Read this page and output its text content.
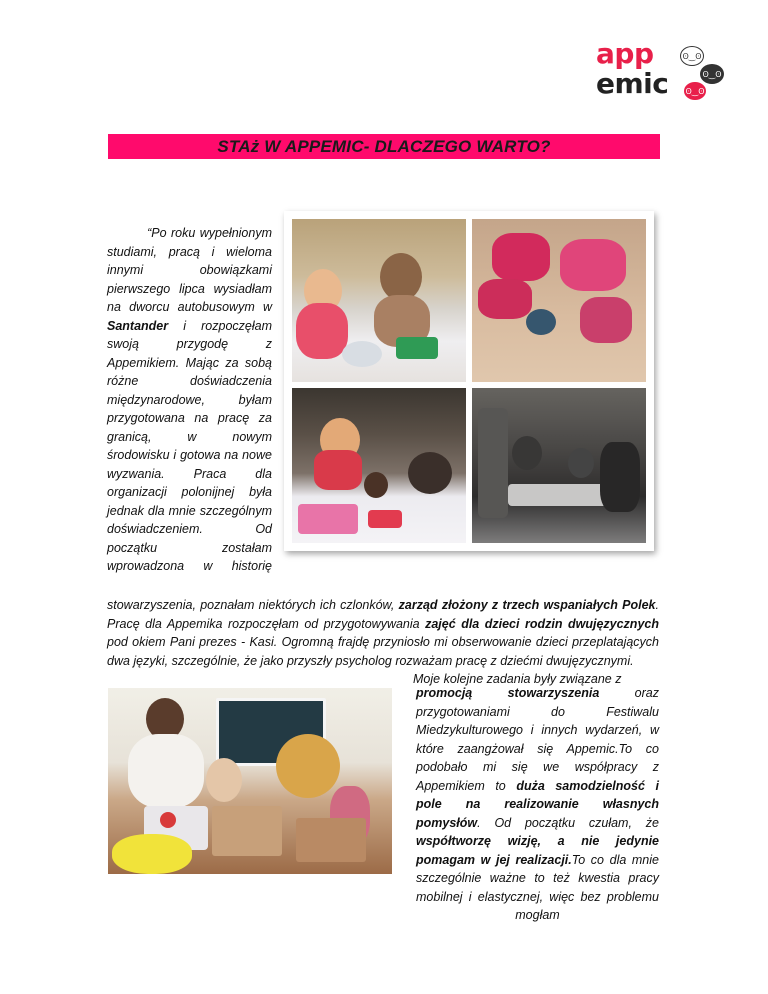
app
emic
ʘ‿ʘ
ʘ‿ʘ
ʘ‿ʘ
STAż W APPEMIC- DLACZEGO WARTO?

“Po roku wypełnionym studiami, pracą i wieloma innymi obowiązkami pierwszego lipca wysiadłam na dworcu autobusowym w Santander i rozpoczęłam swoją przygodę z Appemikiem. Mając za sobą różne doświadczenia międzynarodowe, byłam przygotowana na pracę za granicą, w nowym środowisku i gotowa na nowe wyzwania. Praca dla organizacji polonijnej była jednak dla mnie szczególnym doświadczeniem. Od początku zostałam wprowadzona w historię

stowarzyszenia, poznałam niektórych ich czlonków, zarząd złożony z trzech wspaniałych Polek. Pracę dla Appemika rozpoczęłam od przygotowywania zajęć dla dzieci rodzin dwujęzycznych pod okiem Pani prezes - Kasi. Ogromną frajdę przyniosło mi obserwowanie dzieci przeplatających dwa języki, szczególnie, że jako przyszły psycholog rozważam pracę z dziećmi dwujęzycznymi.

Moje kolejne zadania były związane z

promocją stowarzyszenia oraz przygotowaniami do Festiwalu Miedzykulturowego i innych wydarzeń, w które zaangżował się Appemic.To co podobało mi się we współpracy z Appemikiem to duża samodzielność i pole na realizowanie własnych pomysłów. Od początku czułam, że współtworzę wizję, a nie jedynie pomagam w jej realizacji.To co dla mnie szczególnie ważne to też kwestia pracy mobilnej i elastycznej, więc bez problemu mogłam
